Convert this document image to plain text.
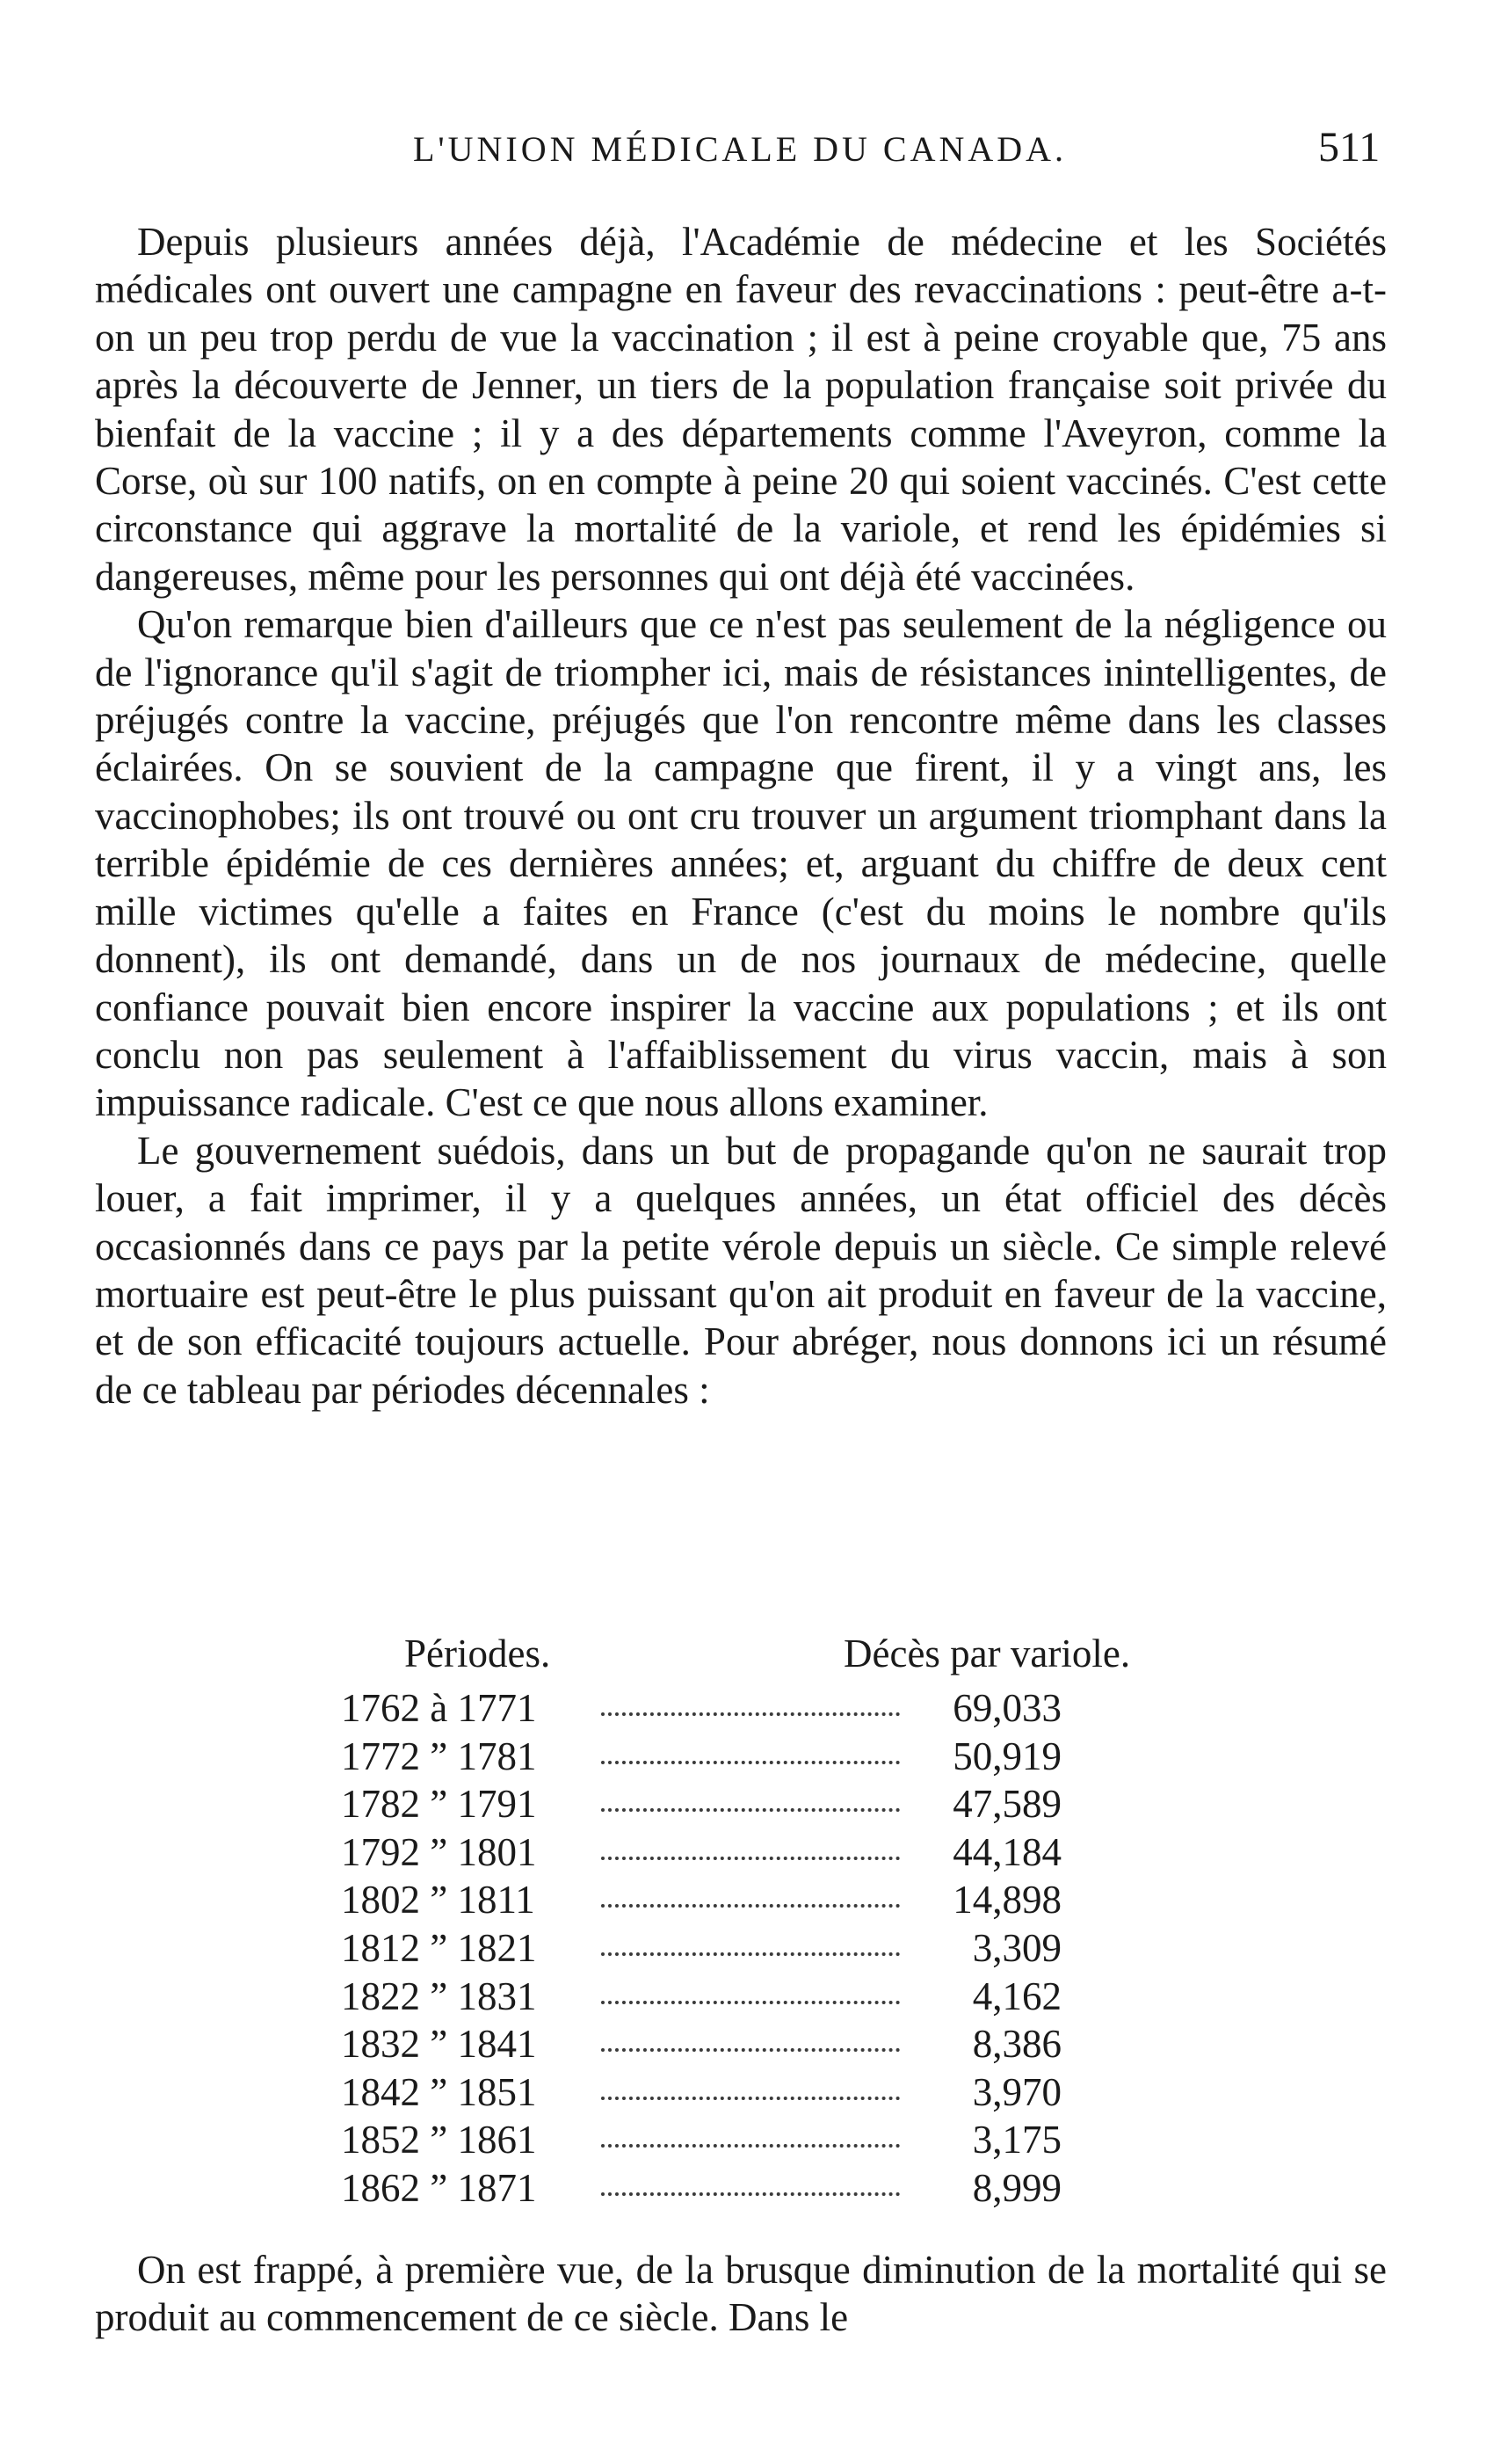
L'UNION MÉDICALE DU CANADA.	511

Depuis plusieurs années déjà, l'Académie de médecine et les Sociétés médicales ont ouvert une campagne en faveur des revaccinations : peut-être a-t-on un peu trop perdu de vue la vaccination ; il est à peine croyable que, 75 ans après la découverte de Jenner, un tiers de la population française soit privée du bienfait de la vaccine ; il y a des départements comme l'Aveyron, comme la Corse, où sur 100 natifs, on en compte à peine 20 qui soient vaccinés. C'est cette circonstance qui aggrave la mortalité de la variole, et rend les épidémies si dangereuses, même pour les personnes qui ont déjà été vaccinées.

Qu'on remarque bien d'ailleurs que ce n'est pas seulement de la négligence ou de l'ignorance qu'il s'agit de triompher ici, mais de résistances inintelligentes, de préjugés contre la vaccine, préjugés que l'on rencontre même dans les classes éclairées. On se souvient de la campagne que firent, il y a vingt ans, les vaccinophobes; ils ont trouvé ou ont cru trouver un argument triomphant dans la terrible épidémie de ces dernières années; et, arguant du chiffre de deux cent mille victimes qu'elle a faites en France (c'est du moins le nombre qu'ils donnent), ils ont demandé, dans un de nos journaux de médecine, quelle confiance pouvait bien encore inspirer la vaccine aux populations ; et ils ont conclu non pas seulement à l'affaiblissement du virus vaccin, mais à son impuissance radicale. C'est ce que nous allons examiner.

Le gouvernement suédois, dans un but de propagande qu'on ne saurait trop louer, a fait imprimer, il y a quelques années, un état officiel des décès occasionnés dans ce pays par la petite vérole depuis un siècle. Ce simple relevé mortuaire est peut-être le plus puissant qu'on ait produit en faveur de la vaccine, et de son efficacité toujours actuelle. Pour abréger, nous donnons ici un résumé de ce tableau par périodes décennales :

Périodes.	Décès par variole.
1762 à 1771	69,033
1772 ” 1781	50,919
1782 ” 1791	47,589
1792 ” 1801	44,184
1802 ” 1811	14,898
1812 ” 1821	3,309
1822 ” 1831	4,162
1832 ” 1841	8,386
1842 ” 1851	3,970
1852 ” 1861	3,175
1862 ” 1871	8,999

On est frappé, à première vue, de la brusque diminution de la mortalité qui se produit au commencement de ce siècle. Dans le
